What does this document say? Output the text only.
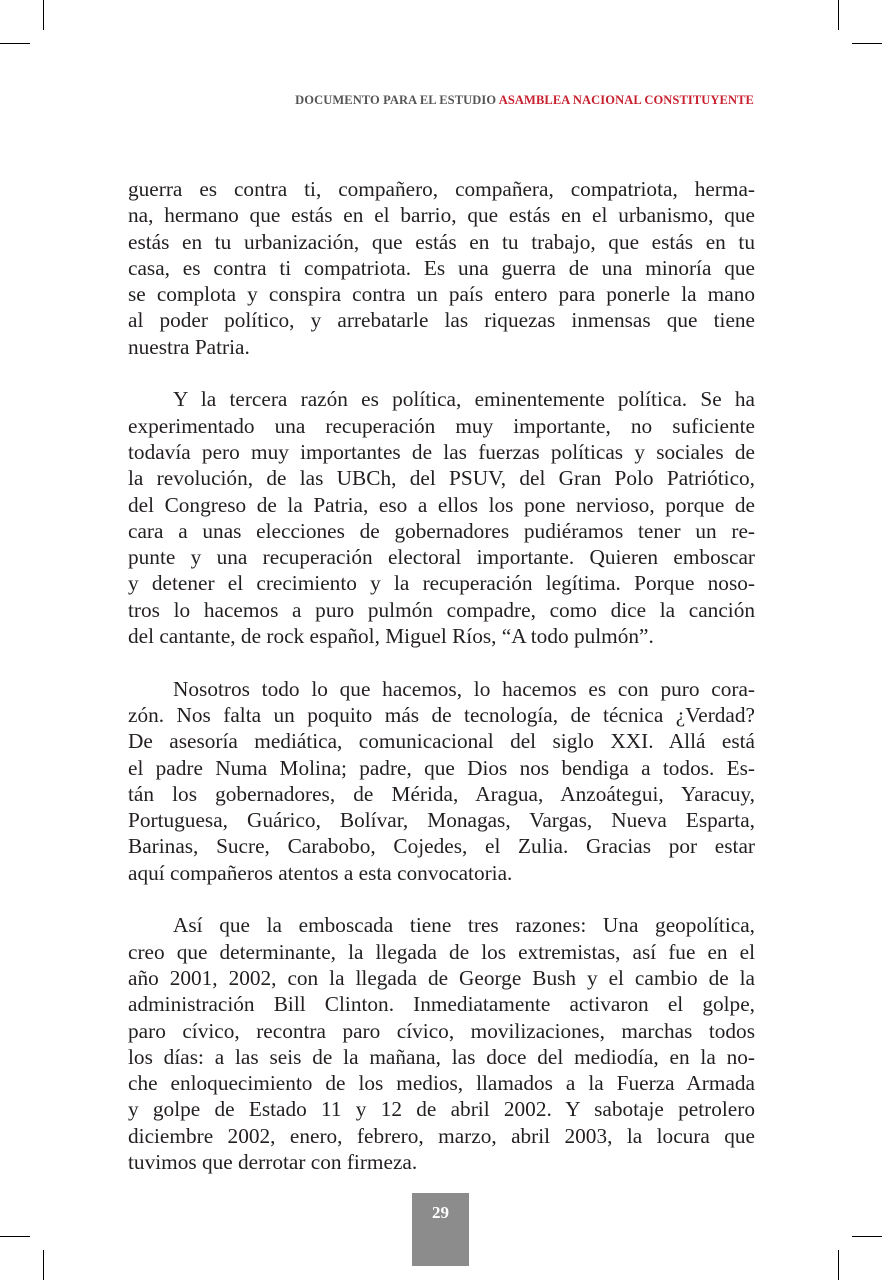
DOCUMENTO PARA EL ESTUDIO ASAMBLEA NACIONAL CONSTITUYENTE
guerra es contra ti, compañero, compañera, compatriota, herma-
na, hermano que estás en el barrio, que estás en el urbanismo, que
estás en tu urbanización, que estás en tu trabajo, que estás en tu
casa, es contra ti compatriota. Es una guerra de una minoría que
se complota y conspira contra un país entero para ponerle la mano
al poder político, y arrebatarle las riquezas inmensas que tiene
nuestra Patria.
Y la tercera razón es política, eminentemente política. Se ha
experimentado una recuperación muy importante, no suficiente
todavía pero muy importantes de las fuerzas políticas y sociales de
la revolución, de las UBCh, del PSUV, del Gran Polo Patriótico,
del Congreso de la Patria, eso a ellos los pone nervioso, porque de
cara a unas elecciones de gobernadores pudiéramos tener un re-
punte y una recuperación electoral importante. Quieren emboscar
y detener el crecimiento y la recuperación legítima. Porque noso-
tros lo hacemos a puro pulmón compadre, como dice la canción
del cantante, de rock español, Miguel Ríos, “A todo pulmón”.
Nosotros todo lo que hacemos, lo hacemos es con puro cora-
zón. Nos falta un poquito más de tecnología, de técnica ¿Verdad?
De asesoría mediática, comunicacional del siglo XXI. Allá está
el padre Numa Molina; padre, que Dios nos bendiga a todos. Es-
tán los gobernadores, de Mérida, Aragua, Anzoátegui, Yaracuy,
Portuguesa, Guárico, Bolívar, Monagas, Vargas, Nueva Esparta,
Barinas, Sucre, Carabobo, Cojedes, el Zulia. Gracias por estar
aquí compañeros atentos a esta convocatoria.
Así que la emboscada tiene tres razones: Una geopolítica,
creo que determinante, la llegada de los extremistas, así fue en el
año 2001, 2002, con la llegada de George Bush y el cambio de la
administración Bill Clinton. Inmediatamente activaron el golpe,
paro cívico, recontra paro cívico, movilizaciones, marchas todos
los días: a las seis de la mañana, las doce del mediodía, en la no-
che enloquecimiento de los medios, llamados a la Fuerza Armada
y golpe de Estado 11 y 12 de abril 2002. Y sabotaje petrolero
diciembre 2002, enero, febrero, marzo, abril 2003, la locura que
tuvimos que derrotar con firmeza.
29
